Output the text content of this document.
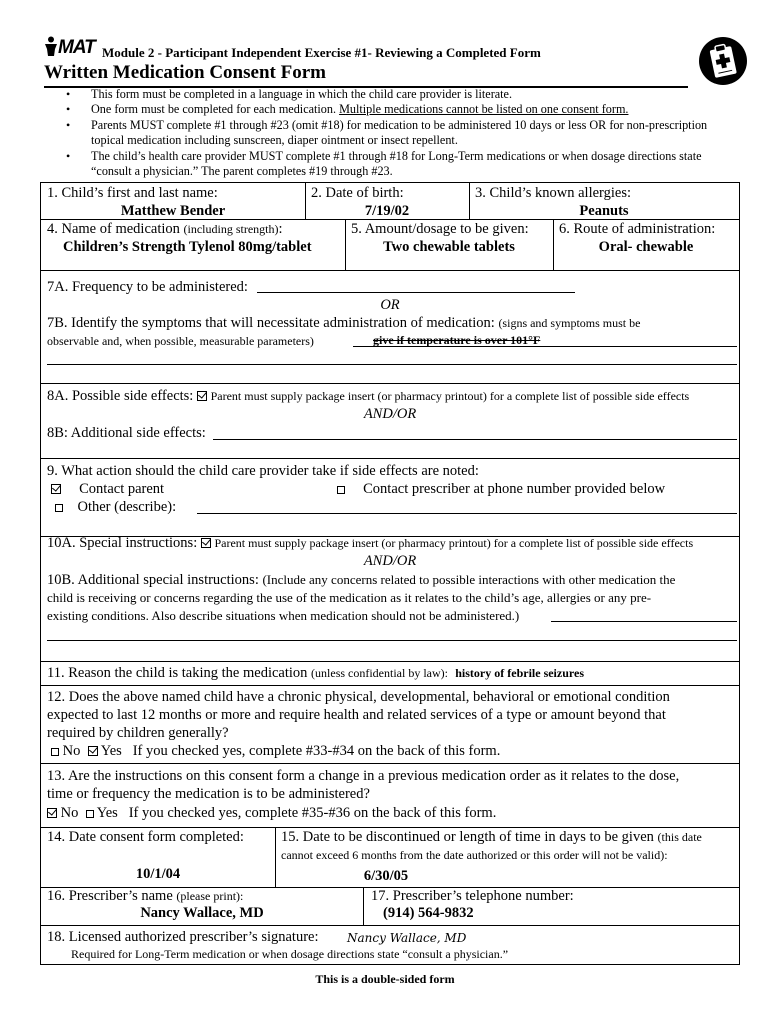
MAT Module 2 - Participant Independent Exercise #1- Reviewing a Completed Form
Written Medication Consent Form
• This form must be completed in a language in which the child care provider is literate.
• One form must be completed for each medication. Multiple medications cannot be listed on one consent form.
• Parents MUST complete #1 through #23 (omit #18) for medication to be administered 10 days or less OR for non-prescription
topical medication including sunscreen, diaper ointment or insect repellent.
• The child’s health care provider MUST complete #1 through #18 for Long-Term medications or when dosage directions state
“consult a physician.” The parent completes #19 through #23.
1. Child’s first and last name:
Matthew Bender
2. Date of birth:
7/19/02
3. Child’s known allergies:
Peanuts
4. Name of medication (including strength):
Children’s Strength Tylenol 80mg/tablet
5. Amount/dosage to be given:
Two chewable tablets
6. Route of administration:
Oral- chewable
7A. Frequency to be administered:
OR
7B. Identify the symptoms that will necessitate administration of medication: (signs and symptoms must be
observable and, when possible, measurable parameters)	give if temperature is over 101°F
8A. Possible side effects: Parent must supply package insert (or pharmacy printout) for a complete list of possible side effects
AND/OR
8B: Additional side effects:
9. What action should the child care provider take if side effects are noted:
Contact parent	Contact prescriber at phone number provided below
Other (describe):
10A. Special instructions: Parent must supply package insert (or pharmacy printout) for a complete list of possible side effects
AND/OR
10B. Additional special instructions: (Include any concerns related to possible interactions with other medication the
child is receiving or concerns regarding the use of the medication as it relates to the child’s age, allergies or any pre-
existing conditions. Also describe situations when medication should not be administered.)
11. Reason the child is taking the medication (unless confidential by law): history of febrile seizures
12. Does the above named child have a chronic physical, developmental, behavioral or emotional condition
expected to last 12 months or more and require health and related services of a type or amount beyond that
required by children generally?
No Yes If you checked yes, complete #33-#34 on the back of this form.
13. Are the instructions on this consent form a change in a previous medication order as it relates to the dose,
time or frequency the medication is to be administered?
No Yes If you checked yes, complete #35-#36 on the back of this form.
14. Date consent form completed:
10/1/04
15. Date to be discontinued or length of time in days to be given (this date
cannot exceed 6 months from the date authorized or this order will not be valid):
6/30/05
16. Prescriber’s name (please print):
Nancy Wallace, MD
17. Prescriber’s telephone number:
(914) 564-9832
18. Licensed authorized prescriber’s signature: Nancy Wallace, MD
Required for Long-Term medication or when dosage directions state “consult a physician.”
This is a double-sided form
